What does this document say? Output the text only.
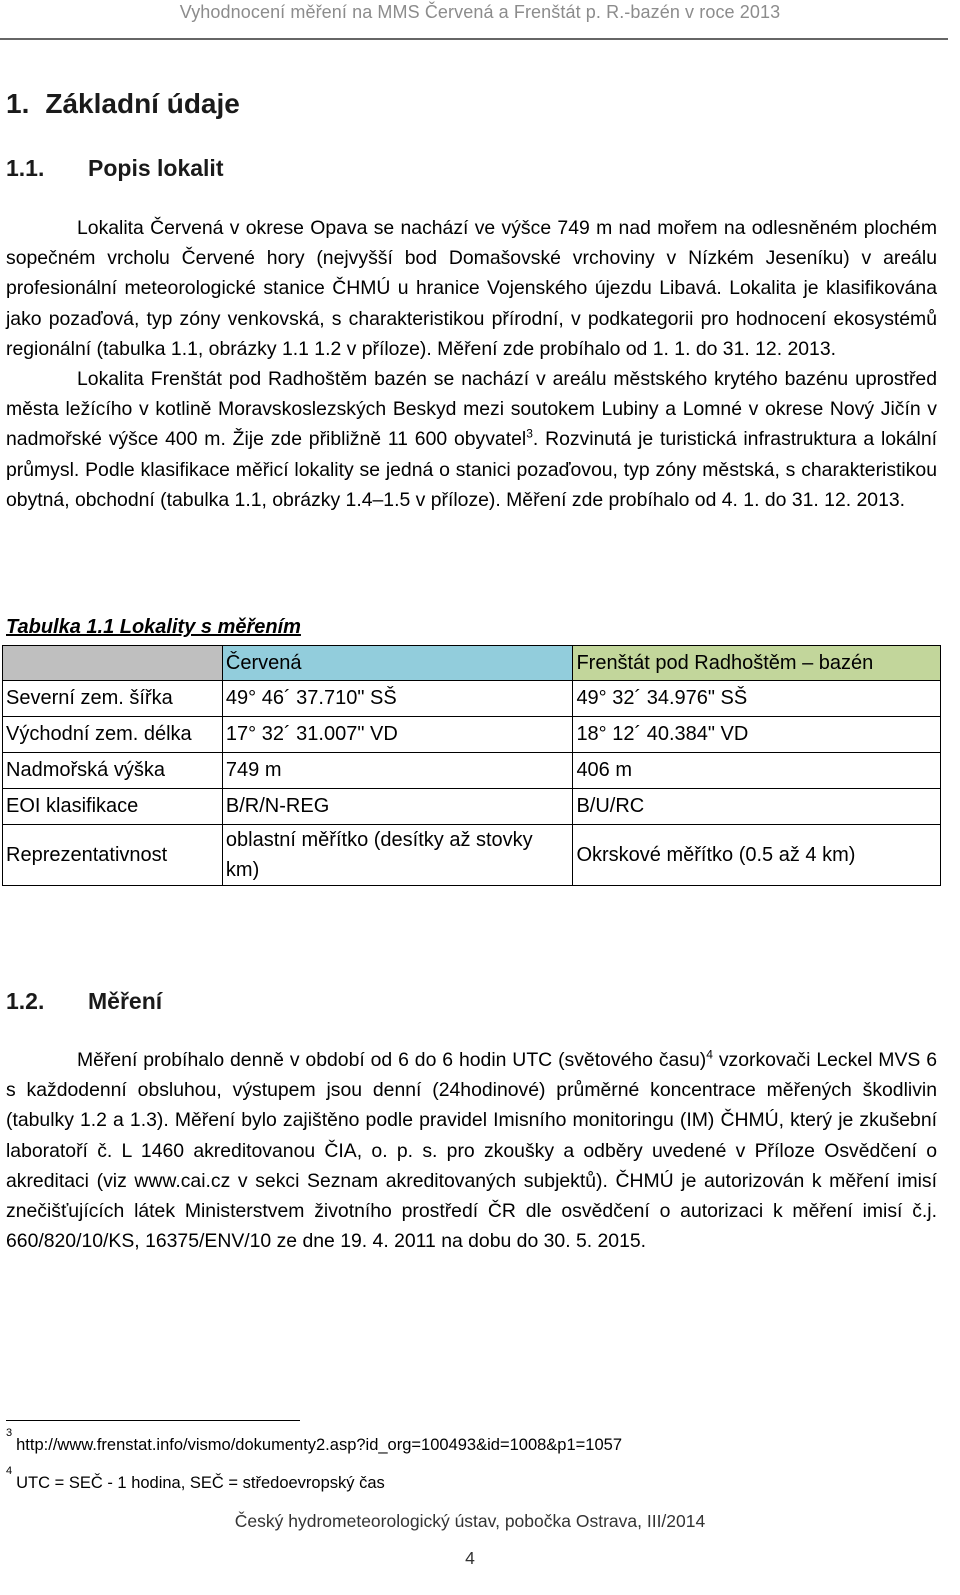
Vyhodnocení měření na MMS Červená a Frenštát p. R.-bazén v roce 2013
1. Základní údaje
1.1. Popis lokalit

Lokalita Červená v okrese Opava se nachází ve výšce 749 m nad mořem na odlesněném plochém sopečném vrcholu Červené hory (nejvyšší bod Domašovské vrchoviny v Nízkém Jeseníku) v areálu profesionální meteorologické stanice ČHMÚ u hranice Vojenského újezdu Libavá. Lokalita je klasifikována jako pozaďová, typ zóny venkovská, s charakteristikou přírodní, v podkategorii pro hodnocení ekosystémů regionální (tabulka 1.1, obrázky 1.1 1.2 v příloze). Měření zde probíhalo od 1. 1. do 31. 12. 2013.

Lokalita Frenštát pod Radhoštěm bazén se nachází v areálu městského krytého bazénu uprostřed města ležícího v kotlině Moravskoslezských Beskyd mezi soutokem Lubiny a Lomné v okrese Nový Jičín v nadmořské výšce 400 m. Žije zde přibližně 11 600 obyvatel$^3$. Rozvinutá je turistická infrastruktura a lokální průmysl. Podle klasifikace měřicí lokality se jedná o stanici pozaďovou, typ zóny městská, s charakteristikou obytná, obchodní (tabulka 1.1, obrázky 1.4–1.5 v příloze). Měření zde probíhalo od 4. 1. do 31. 12. 2013.

Tabulka 1.1 Lokality s měřením
	Červená	Frenštát pod Radhoštěm – bazén
Severní zem. šířka	49° 46´ 37.710" SŠ	49° 32´ 34.976" SŠ
Východní zem. délka	17° 32´ 31.007" VD	18° 12´ 40.384" VD
Nadmořská výška	749 m	406 m
EOI klasifikace	B/R/N-REG	B/U/RC
Reprezentativnost	oblastní měřítko (desítky až stovky km)	Okrskové měřítko (0.5 až 4 km)
1.2. Měření

Měření probíhalo denně v období od 6 do 6 hodin UTC (světového času)$^4$ vzorkovači Leckel MVS 6 s každodenní obsluhou, výstupem jsou denní (24hodinové) průměrné koncentrace měřených škodlivin (tabulky 1.2 a 1.3). Měření bylo zajištěno podle pravidel Imisního monitoringu (IM) ČHMÚ, který je zkušební laboratoří č. L 1460 akreditovanou ČIA, o. p. s. pro zkoušky a odběry uvedené v Příloze Osvědčení o akreditaci (viz www.cai.cz v sekci Seznam akreditovaných subjektů). ČHMÚ je autorizován k měření imisí znečišťujících látek Ministerstvem životního prostředí ČR dle osvědčení o autorizaci k měření imisí č.j. 660/820/10/KS, 16375/ENV/10 ze dne 19. 4. 2011 na dobu do 30. 5. 2015.

$^3$http://www.frenstat.info/vismo/dokumenty2.asp?id_org=100493&id=1008&p1=1057
$^4$UTC = SEČ - 1 hodina, SEČ = středoevropský čas
Český hydrometeorologický ústav, pobočka Ostrava, III/2014
4
